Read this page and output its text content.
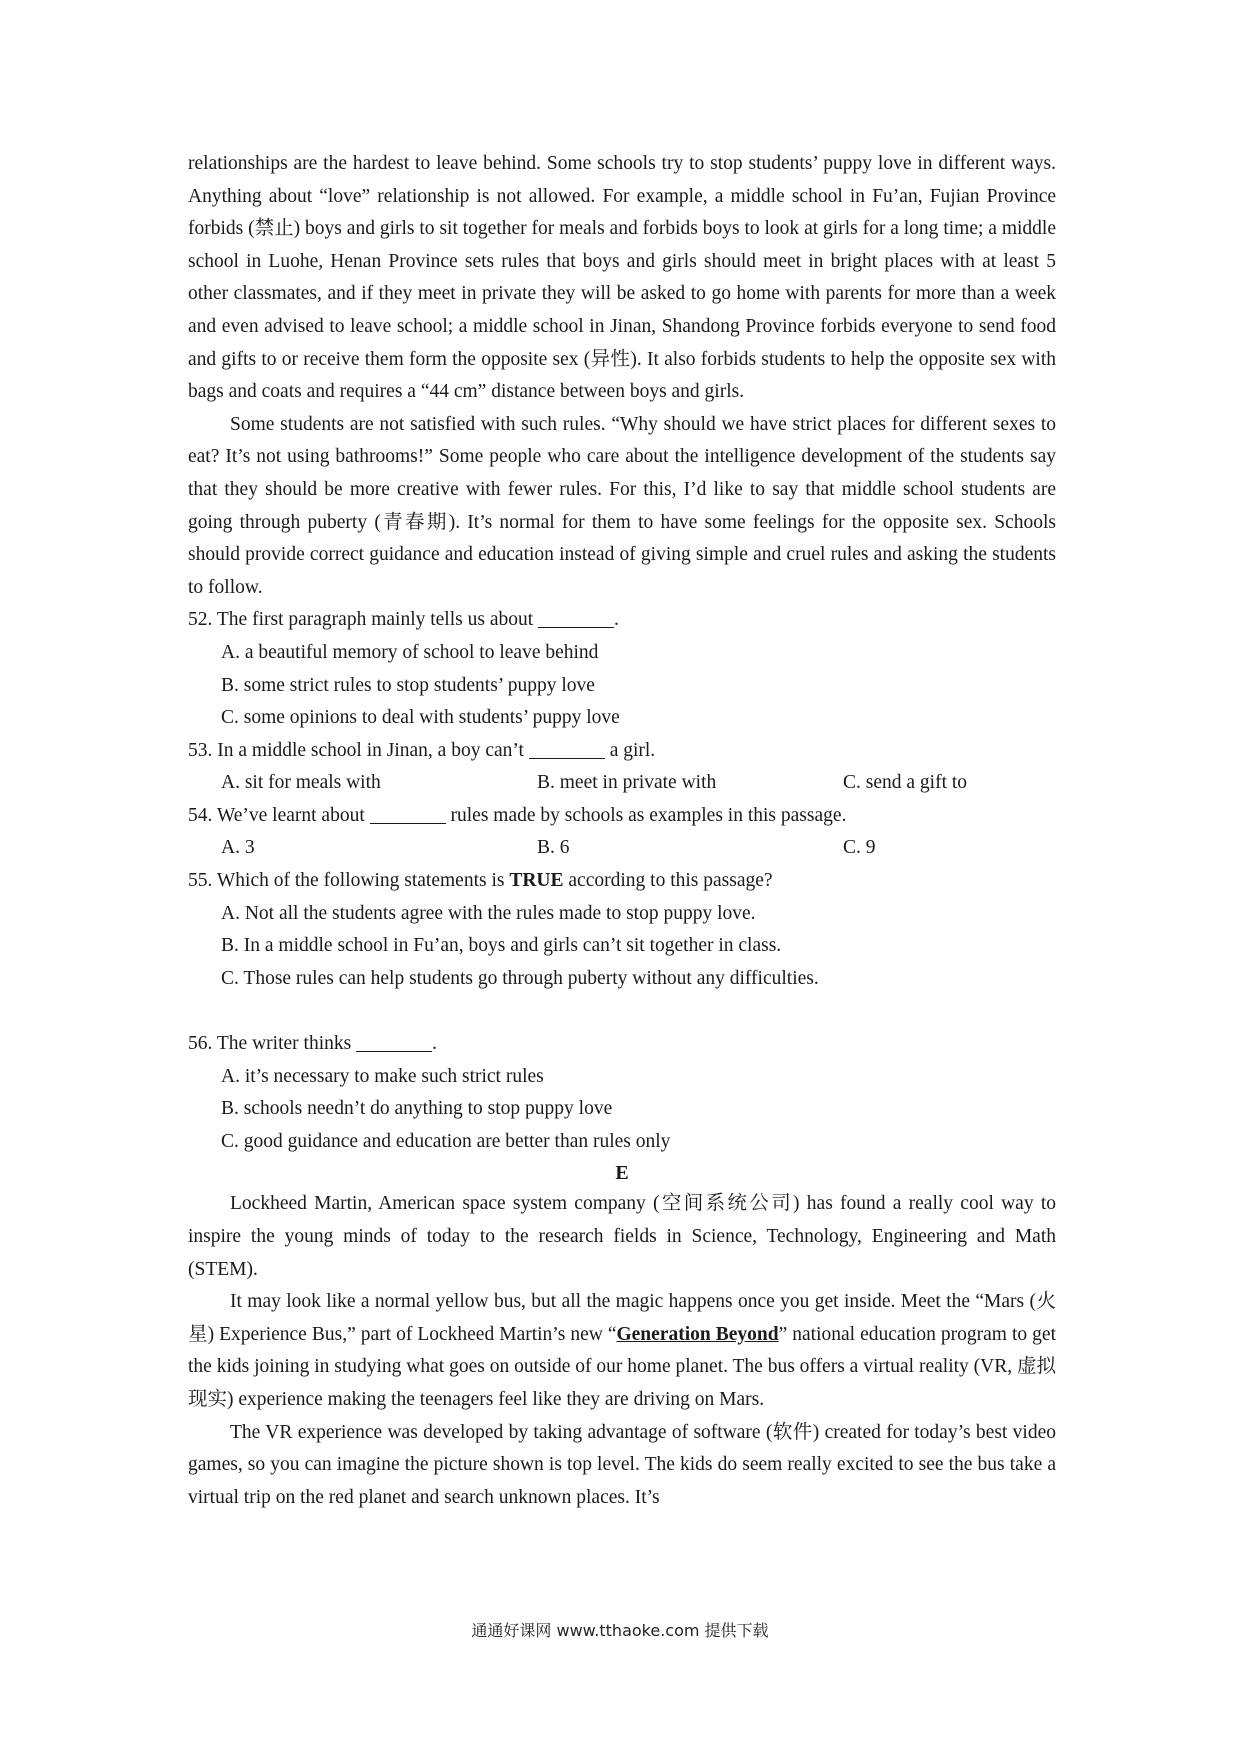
relationships are the hardest to leave behind. Some schools try to stop students’ puppy love in different ways. Anything about “love” relationship is not allowed. For example, a middle school in Fu’an, Fujian Province forbids (禁止) boys and girls to sit together for meals and forbids boys to look at girls for a long time; a middle school in Luohe, Henan Province sets rules that boys and girls should meet in bright places with at least 5 other classmates, and if they meet in private they will be asked to go home with parents for more than a week and even advised to leave school; a middle school in Jinan, Shandong Province forbids everyone to send food and gifts to or receive them form the opposite sex (异性). It also forbids students to help the opposite sex with bags and coats and requires a “44 cm” distance between boys and girls.

Some students are not satisfied with such rules. “Why should we have strict places for different sexes to eat? It’s not using bathrooms!” Some people who care about the intelligence development of the students say that they should be more creative with fewer rules. For this, I’d like to say that middle school students are going through puberty (青春期). It’s normal for them to have some feelings for the opposite sex. Schools should provide correct guidance and education instead of giving simple and cruel rules and asking the students to follow.

52. The first paragraph mainly tells us about	.

A. a beautiful memory of school to leave behind

B. some strict rules to stop students’ puppy love

C. some opinions to deal with students’ puppy love

53. In a middle school in Jinan, a boy can’t	a girl.

A. sit for meals with	B. meet in private with	C. send a gift to

54. We’ve learnt about	rules made by schools as examples in this passage.

A. 3	B. 6	C. 9

55. Which of the following statements is TRUE according to this passage?

A. Not all the students agree with the rules made to stop puppy love.

B. In a middle school in Fu’an, boys and girls can’t sit together in class.

C. Those rules can help students go through puberty without any difficulties.

56. The writer thinks	.

A. it’s necessary to make such strict rules

B. schools needn’t do anything to stop puppy love

C. good guidance and education are better than rules only

E

Lockheed Martin, American space system company (空间系统公司) has found a really cool way to inspire the young minds of today to the research fields in Science, Technology, Engineering and Math (STEM).

It may look like a normal yellow bus, but all the magic happens once you get inside. Meet the “Mars (火星) Experience Bus,” part of Lockheed Martin’s new “Generation Beyond” national education program to get the kids joining in studying what goes on outside of our home planet. The bus offers a virtual reality (VR, 虚拟现实) experience making the teenagers feel like they are driving on Mars.

The VR experience was developed by taking advantage of software (软件) created for today’s best video games, so you can imagine the picture shown is top level. The kids do seem really excited to see the bus take a virtual trip on the red planet and search unknown places. It’s

通通好课网 www.tthaoke.com 提供下载
